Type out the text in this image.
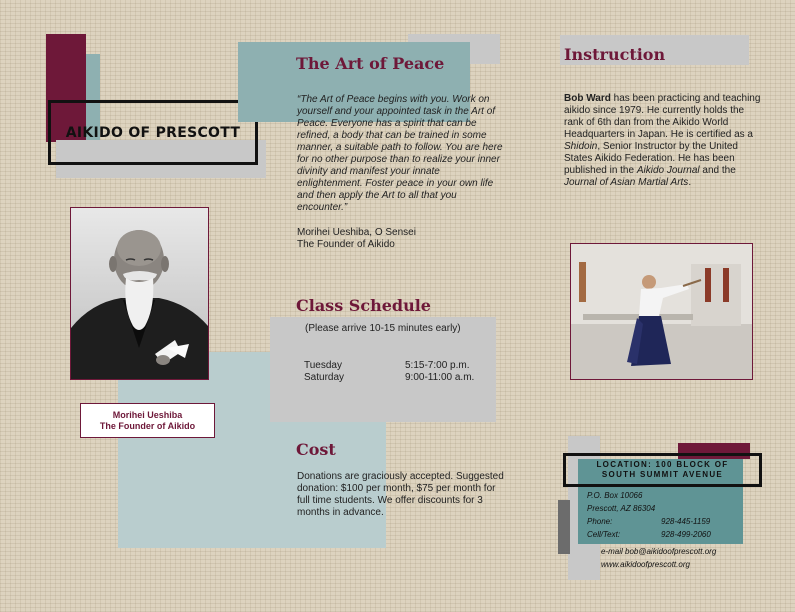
AIKIDO OF PRESCOTT
Morihei Ueshiba
The Founder of Aikido
The Art of Peace
“The Art of Peace begins with you. Work on yourself and your appointed task in the Art of Peace. Everyone has a spirit that can be refined, a body that can be trained in some manner, a suitable path to follow. You are here for no other purpose than to realize your inner divinity and manifest your innate enlightenment. Foster peace in your own life and then apply the Art to all that you encounter.”
Morihei Ueshiba, O Sensei
The Founder of Aikido
Class Schedule
(Please arrive 10-15 minutes early)
Tuesday	5:15-7:00 p.m.
Saturday	9:00-11:00 a.m.
Cost
Donations are graciously accepted. Suggested donation: $100 per month, $75 per month for full time students. We offer discounts for 3 months in advance.
Instruction
Bob Ward has been practicing and teaching aikido since 1979. He currently holds the rank of 6th dan from the Aikido World Headquarters in Japan. He is certified as a Shidoin, Senior Instructor by the United States Aikido Federation. He has been published in the Aikido Journal and the Journal of Asian Martial Arts.
LOCATION: 100 BLOCK OF
SOUTH SUMMIT AVENUE
P.O. Box 10066
Prescott, AZ 86304
Phone:	928-445-1159
Cell/Text:	928-499-2060
e-mail bob@aikidoofprescott.org
www.aikidoofprescott.org
